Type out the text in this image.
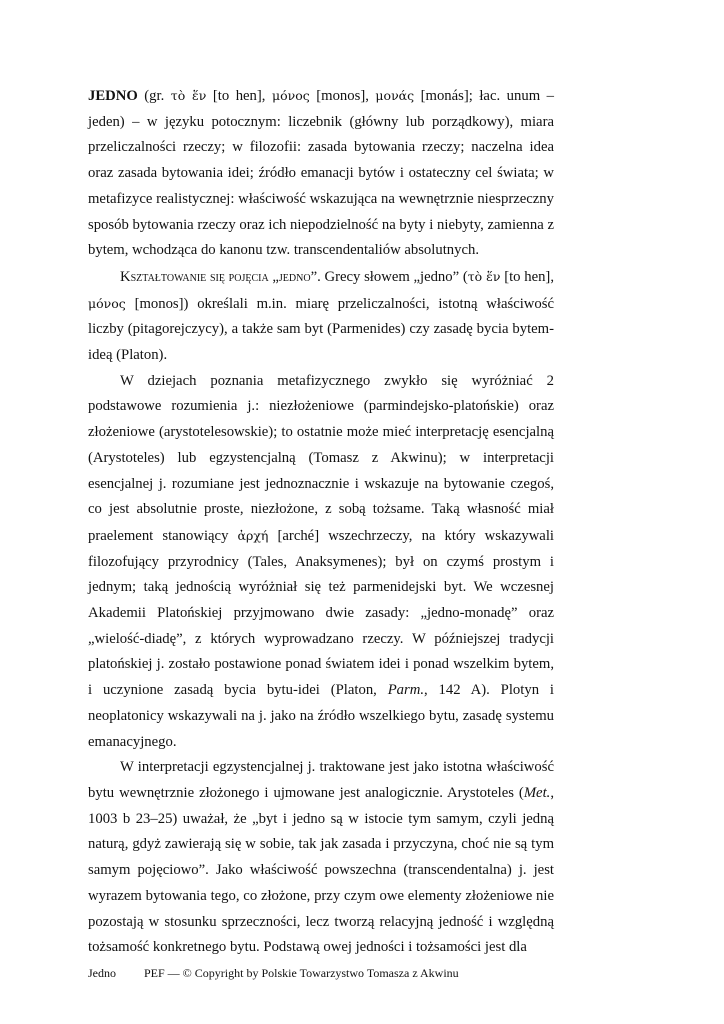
JEDNO (gr. τὸ ἕν [to hen], μόνος [monos], μονάς [monás]; łac. unum – jeden) – w języku potocznym: liczebnik (główny lub porządkowy), miara przeliczalności rzeczy; w filozofii: zasada bytowania rzeczy; naczelna idea oraz zasada bytowania idei; źródło emanacji bytów i ostateczny cel świata; w metafizyce realistycznej: właściwość wskazująca na wewnętrznie niesprzeczny sposób bytowania rzeczy oraz ich niepodzielność na byty i niebyty, zamienna z bytem, wchodząca do kanonu tzw. transcendentaliów absolutnych.

Kształtowanie się pojęcia „jedno”. Grecy słowem „jedno” (τὸ ἕν [to hen], μόνος [monos]) określali m.in. miarę przeliczalności, istotną właściwość liczby (pitagorejczycy), a także sam byt (Parmenides) czy zasadę bycia bytem-ideą (Platon).

W dziejach poznania metafizycznego zwykło się wyróżniać 2 podstawowe rozumienia j.: niezłożeniowe (parmindejsko-platońskie) oraz złożeniowe (arystotelesowskie); to ostatnie może mieć interpretację esencjalną (Arystoteles) lub egzystencjalną (Tomasz z Akwinu); w interpretacji esencjalnej j. rozumiane jest jednoznacznie i wskazuje na bytowanie czegoś, co jest absolutnie proste, niezłożone, z sobą tożsame. Taką własność miał praelement stanowiący ἀρχή [arché] wszechrzeczy, na który wskazywali filozofujący przyrodnicy (Tales, Anaksymenes); był on czymś prostym i jednym; taką jednością wyróżniał się też parmenidejski byt. We wczesnej Akademii Platońskiej przyjmowano dwie zasady: „jedno-monadę” oraz „wielość-diadę”, z których wyprowadzano rzeczy. W późniejszej tradycji platońskiej j. zostało postawione ponad światem idei i ponad wszelkim bytem, i uczynione zasadą bycia bytu-idei (Platon, Parm., 142 A). Plotyn i neoplatonicy wskazywali na j. jako na źródło wszelkiego bytu, zasadę systemu emanacyjnego.

W interpretacji egzystencjalnej j. traktowane jest jako istotna właściwość bytu wewnętrznie złożonego i ujmowane jest analogicznie. Arystoteles (Met., 1003 b 23–25) uważał, że „byt i jedno są w istocie tym samym, czyli jedną naturą, gdyż zawierają się w sobie, tak jak zasada i przyczyna, choć nie są tym samym pojęciowo”. Jako właściwość powszechna (transcendentalna) j. jest wyrazem bytowania tego, co złożone, przy czym owe elementy złożeniowe nie pozostają w stosunku sprzeczności, lecz tworzą relacyjną jedność i względną tożsamość konkretnego bytu. Podstawą owej jedności i tożsamości jest dla

Jedno PEF — © Copyright by Polskie Towarzystwo Tomasza z Akwinu
